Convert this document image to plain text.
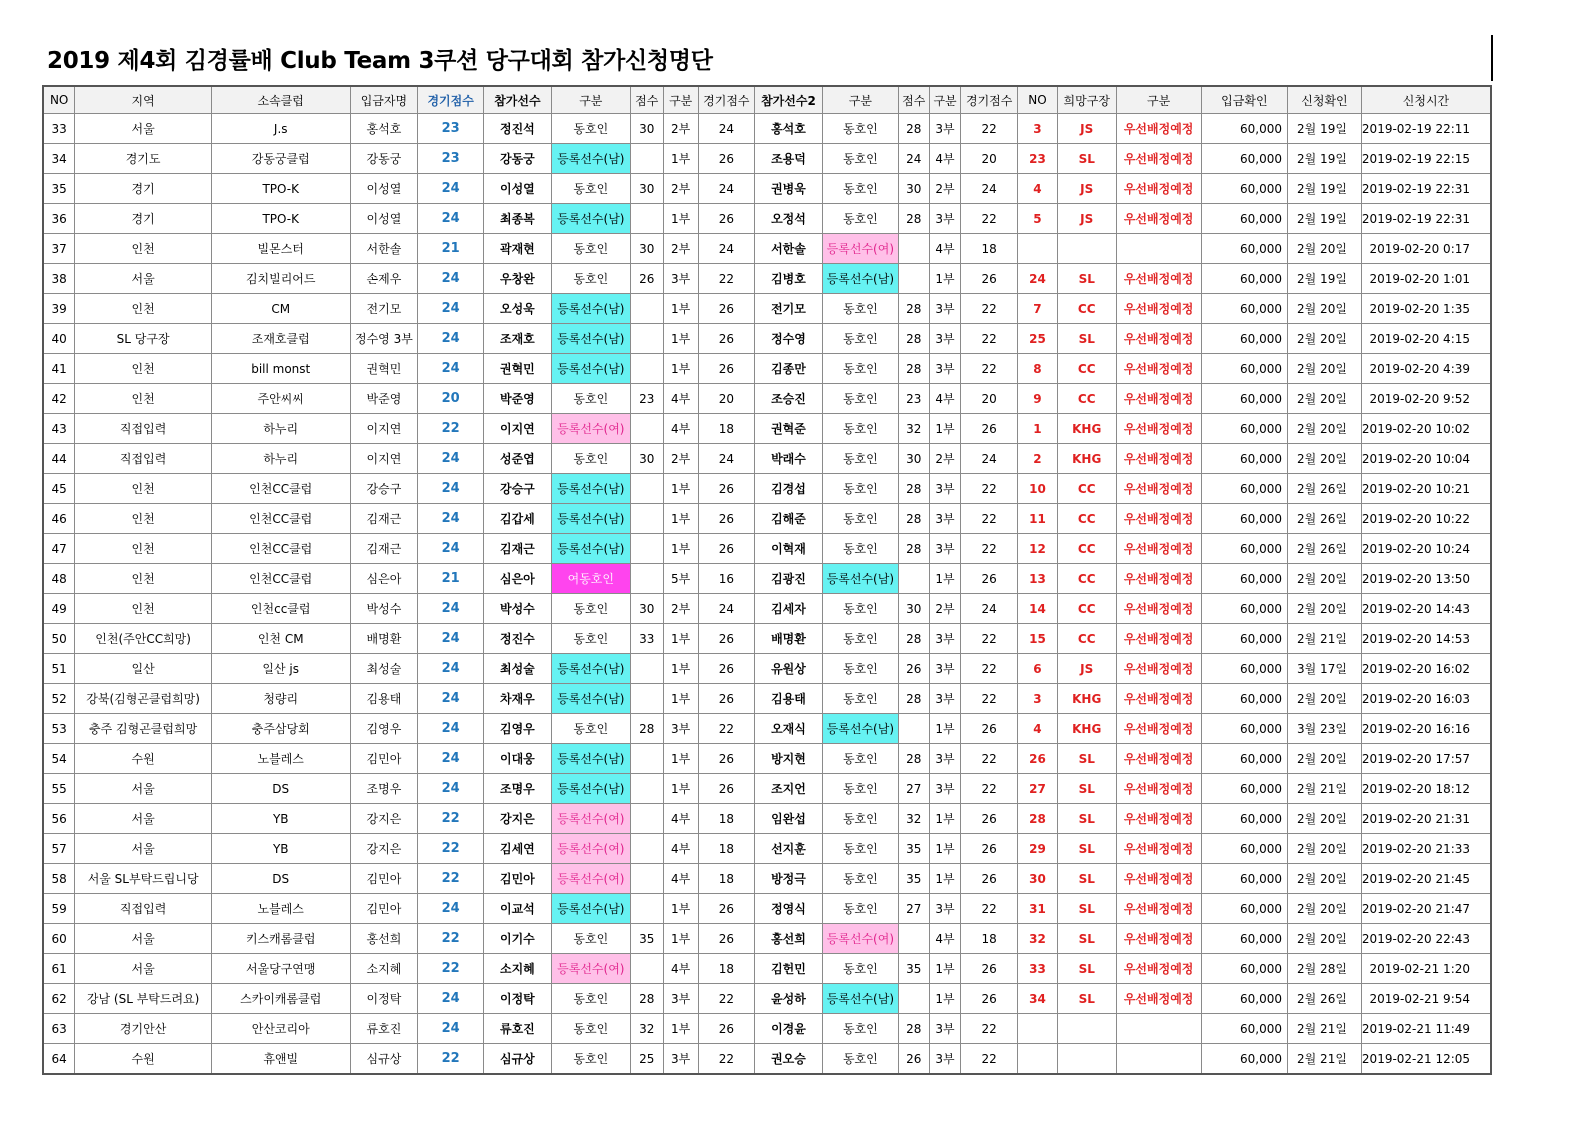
2019 제4회 김경률배 Club Team 3쿠션 당구대회 참가신청명단
NO	지역	소속클럽	입금자명	경기점수	참가선수	구분	점수	구분	경기점수	참가선수2	구분	점수	구분	경기점수	NO	희망구장	구분	입금확인	신청확인	신청시간
33	서울	J.s	홍석호	23	정진석	동호인	30	2부	24	홍석호	동호인	28	3부	22	3	JS	우선배정예정	60,000	2월 19일	2019-02-19 22:11
34	경기도	강동궁클럽	강동궁	23	강동궁	등록선수(남)		1부	26	조용덕	동호인	24	4부	20	23	SL	우선배정예정	60,000	2월 19일	2019-02-19 22:15
35	경기	TPO-K	이성열	24	이성열	동호인	30	2부	24	권병욱	동호인	30	2부	24	4	JS	우선배정예정	60,000	2월 19일	2019-02-19 22:31
36	경기	TPO-K	이성열	24	최종복	등록선수(남)		1부	26	오정석	동호인	28	3부	22	5	JS	우선배정예정	60,000	2월 19일	2019-02-19 22:31
37	인천	빌몬스터	서한솔	21	곽재현	동호인	30	2부	24	서한솔	등록선수(여)		4부	18				60,000	2월 20일	2019-02-20 0:17
38	서울	김치빌리어드	손제우	24	우창완	동호인	26	3부	22	김병호	등록선수(남)		1부	26	24	SL	우선배정예정	60,000	2월 19일	2019-02-20 1:01
39	인천	CM	전기모	24	오성욱	등록선수(남)		1부	26	전기모	동호인	28	3부	22	7	CC	우선배정예정	60,000	2월 20일	2019-02-20 1:35
40	SL 당구장	조재호클럽	정수영 3부	24	조재호	등록선수(남)		1부	26	정수영	동호인	28	3부	22	25	SL	우선배정예정	60,000	2월 20일	2019-02-20 4:15
41	인천	bill monst	권혁민	24	권혁민	등록선수(남)		1부	26	김종만	동호인	28	3부	22	8	CC	우선배정예정	60,000	2월 20일	2019-02-20 4:39
42	인천	주안씨씨	박준영	20	박준영	동호인	23	4부	20	조승진	동호인	23	4부	20	9	CC	우선배정예정	60,000	2월 20일	2019-02-20 9:52
43	직접입력	하누리	이지연	22	이지연	등록선수(여)		4부	18	권혁준	동호인	32	1부	26	1	KHG	우선배정예정	60,000	2월 20일	2019-02-20 10:02
44	직접입력	하누리	이지연	24	성준엽	동호인	30	2부	24	박래수	동호인	30	2부	24	2	KHG	우선배정예정	60,000	2월 20일	2019-02-20 10:04
45	인천	인천CC클럽	강승구	24	강승구	등록선수(남)		1부	26	김경섭	동호인	28	3부	22	10	CC	우선배정예정	60,000	2월 26일	2019-02-20 10:21
46	인천	인천CC클럽	김재근	24	김갑세	등록선수(남)		1부	26	김해준	동호인	28	3부	22	11	CC	우선배정예정	60,000	2월 26일	2019-02-20 10:22
47	인천	인천CC클럽	김재근	24	김재근	등록선수(남)		1부	26	이혁재	동호인	28	3부	22	12	CC	우선배정예정	60,000	2월 26일	2019-02-20 10:24
48	인천	인천CC클럽	심은아	21	심은아	여동호인		5부	16	김광진	등록선수(남)		1부	26	13	CC	우선배정예정	60,000	2월 20일	2019-02-20 13:50
49	인천	인천cc클럽	박성수	24	박성수	동호인	30	2부	24	김세자	동호인	30	2부	24	14	CC	우선배정예정	60,000	2월 20일	2019-02-20 14:43
50	인천(주안CC희망)	인천 CM	배명환	24	정진수	동호인	33	1부	26	배명환	동호인	28	3부	22	15	CC	우선배정예정	60,000	2월 21일	2019-02-20 14:53
51	일산	일산 js	최성술	24	최성술	등록선수(남)		1부	26	유원상	동호인	26	3부	22	6	JS	우선배정예정	60,000	3월 17일	2019-02-20 16:02
52	강북(김형곤클럽희망)	청량리	김용태	24	차재우	등록선수(남)		1부	26	김용태	동호인	28	3부	22	3	KHG	우선배정예정	60,000	2월 20일	2019-02-20 16:03
53	충주 김형곤클럽희망	충주삼당회	김영우	24	김영우	동호인	28	3부	22	오재식	등록선수(남)		1부	26	4	KHG	우선배정예정	60,000	3월 23일	2019-02-20 16:16
54	수원	노블레스	김민아	24	이대웅	등록선수(남)		1부	26	방지현	동호인	28	3부	22	26	SL	우선배정예정	60,000	2월 20일	2019-02-20 17:57
55	서울	DS	조명우	24	조명우	등록선수(남)		1부	26	조지언	동호인	27	3부	22	27	SL	우선배정예정	60,000	2월 21일	2019-02-20 18:12
56	서울	YB	강지은	22	강지은	등록선수(여)		4부	18	임완섭	동호인	32	1부	26	28	SL	우선배정예정	60,000	2월 20일	2019-02-20 21:31
57	서울	YB	강지은	22	김세연	등록선수(여)		4부	18	선지훈	동호인	35	1부	26	29	SL	우선배정예정	60,000	2월 20일	2019-02-20 21:33
58	서울 SL부탁드립니당	DS	김민아	22	김민아	등록선수(여)		4부	18	방정극	동호인	35	1부	26	30	SL	우선배정예정	60,000	2월 20일	2019-02-20 21:45
59	직접입력	노블레스	김민아	24	이교석	등록선수(남)		1부	26	정영식	동호인	27	3부	22	31	SL	우선배정예정	60,000	2월 20일	2019-02-20 21:47
60	서울	키스캐롬클럽	홍선희	22	이기수	동호인	35	1부	26	홍선희	등록선수(여)		4부	18	32	SL	우선배정예정	60,000	2월 20일	2019-02-20 22:43
61	서울	서울당구연맹	소지혜	22	소지혜	등록선수(여)		4부	18	김헌민	동호인	35	1부	26	33	SL	우선배정예정	60,000	2월 28일	2019-02-21 1:20
62	강남 (SL 부탁드려요)	스카이캐롬클럽	이정탁	24	이정탁	동호인	28	3부	22	윤성하	등록선수(남)		1부	26	34	SL	우선배정예정	60,000	2월 26일	2019-02-21 9:54
63	경기안산	안산코리아	류호진	24	류호진	동호인	32	1부	26	이경윤	동호인	28	3부	22				60,000	2월 21일	2019-02-21 11:49
64	수원	휴앤빌	심규상	22	심규상	동호인	25	3부	22	권오승	동호인	26	3부	22				60,000	2월 21일	2019-02-21 12:05
